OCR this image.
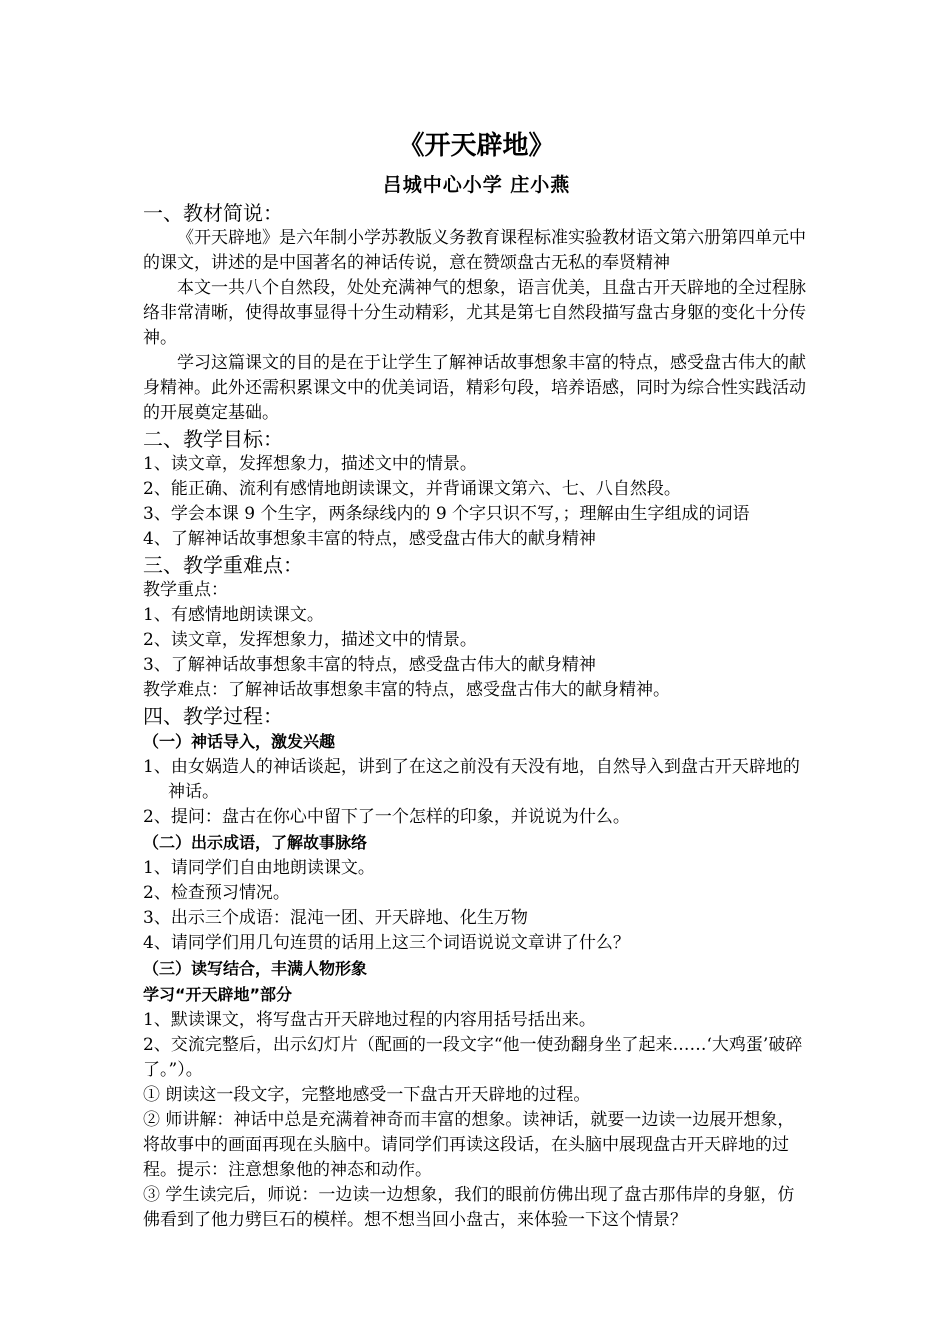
《开天辟地》
吕城中心小学 庄小燕
一、教材简说：

《开天辟地》是六年制小学苏教版义务教育课程标准实验教材语文第六册第四单元中的课文，讲述的是中国著名的神话传说，意在赞颂盘古无私的奉贤精神

本文一共八个自然段，处处充满神气的想象，语言优美，且盘古开天辟地的全过程脉络非常清晰，使得故事显得十分生动精彩，尤其是第七自然段描写盘古身躯的变化十分传神。

学习这篇课文的目的是在于让学生了解神话故事想象丰富的特点，感受盘古伟大的献身精神。此外还需积累课文中的优美词语，精彩句段，培养语感，同时为综合性实践活动的开展奠定基础。

二、教学目标：

1、读文章，发挥想象力，描述文中的情景。

2、能正确、流利有感情地朗读课文，并背诵课文第六、七、八自然段。

3、学会本课 9 个生字，两条绿线内的 9 个字只识不写，；理解由生字组成的词语

4、了解神话故事想象丰富的特点，感受盘古伟大的献身精神

三、教学重难点：

教学重点：

1、有感情地朗读课文。

2、读文章，发挥想象力，描述文中的情景。

3、了解神话故事想象丰富的特点，感受盘古伟大的献身精神

教学难点：了解神话故事想象丰富的特点，感受盘古伟大的献身精神。

四、教学过程：
（一）神话导入，激发兴趣

1、由女娲造人的神话谈起，讲到了在这之前没有天没有地，自然导入到盘古开天辟地的神话。

2、提问：盘古在你心中留下了一个怎样的印象，并说说为什么。

（二）出示成语，了解故事脉络

1、请同学们自由地朗读课文。

2、检查预习情况。

3、出示三个成语：混沌一团、开天辟地、化生万物

4、请同学们用几句连贯的话用上这三个词语说说文章讲了什么？

（三）读写结合，丰满人物形象
学习“开天辟地”部分

1、默读课文，将写盘古开天辟地过程的内容用括号括出来。

2、交流完整后，出示幻灯片（配画的一段文字“他一使劲翻身坐了起来……‘大鸡蛋’破碎了。”）。

① 朗读这一段文字，完整地感受一下盘古开天辟地的过程。

② 师讲解：神话中总是充满着神奇而丰富的想象。读神话，就要一边读一边展开想象，将故事中的画面再现在头脑中。请同学们再读这段话，在头脑中展现盘古开天辟地的过程。提示：注意想象他的神态和动作。

③ 学生读完后，师说：一边读一边想象，我们的眼前仿佛出现了盘古那伟岸的身躯，仿佛看到了他力劈巨石的模样。想不想当回小盘古，来体验一下这个情景？
